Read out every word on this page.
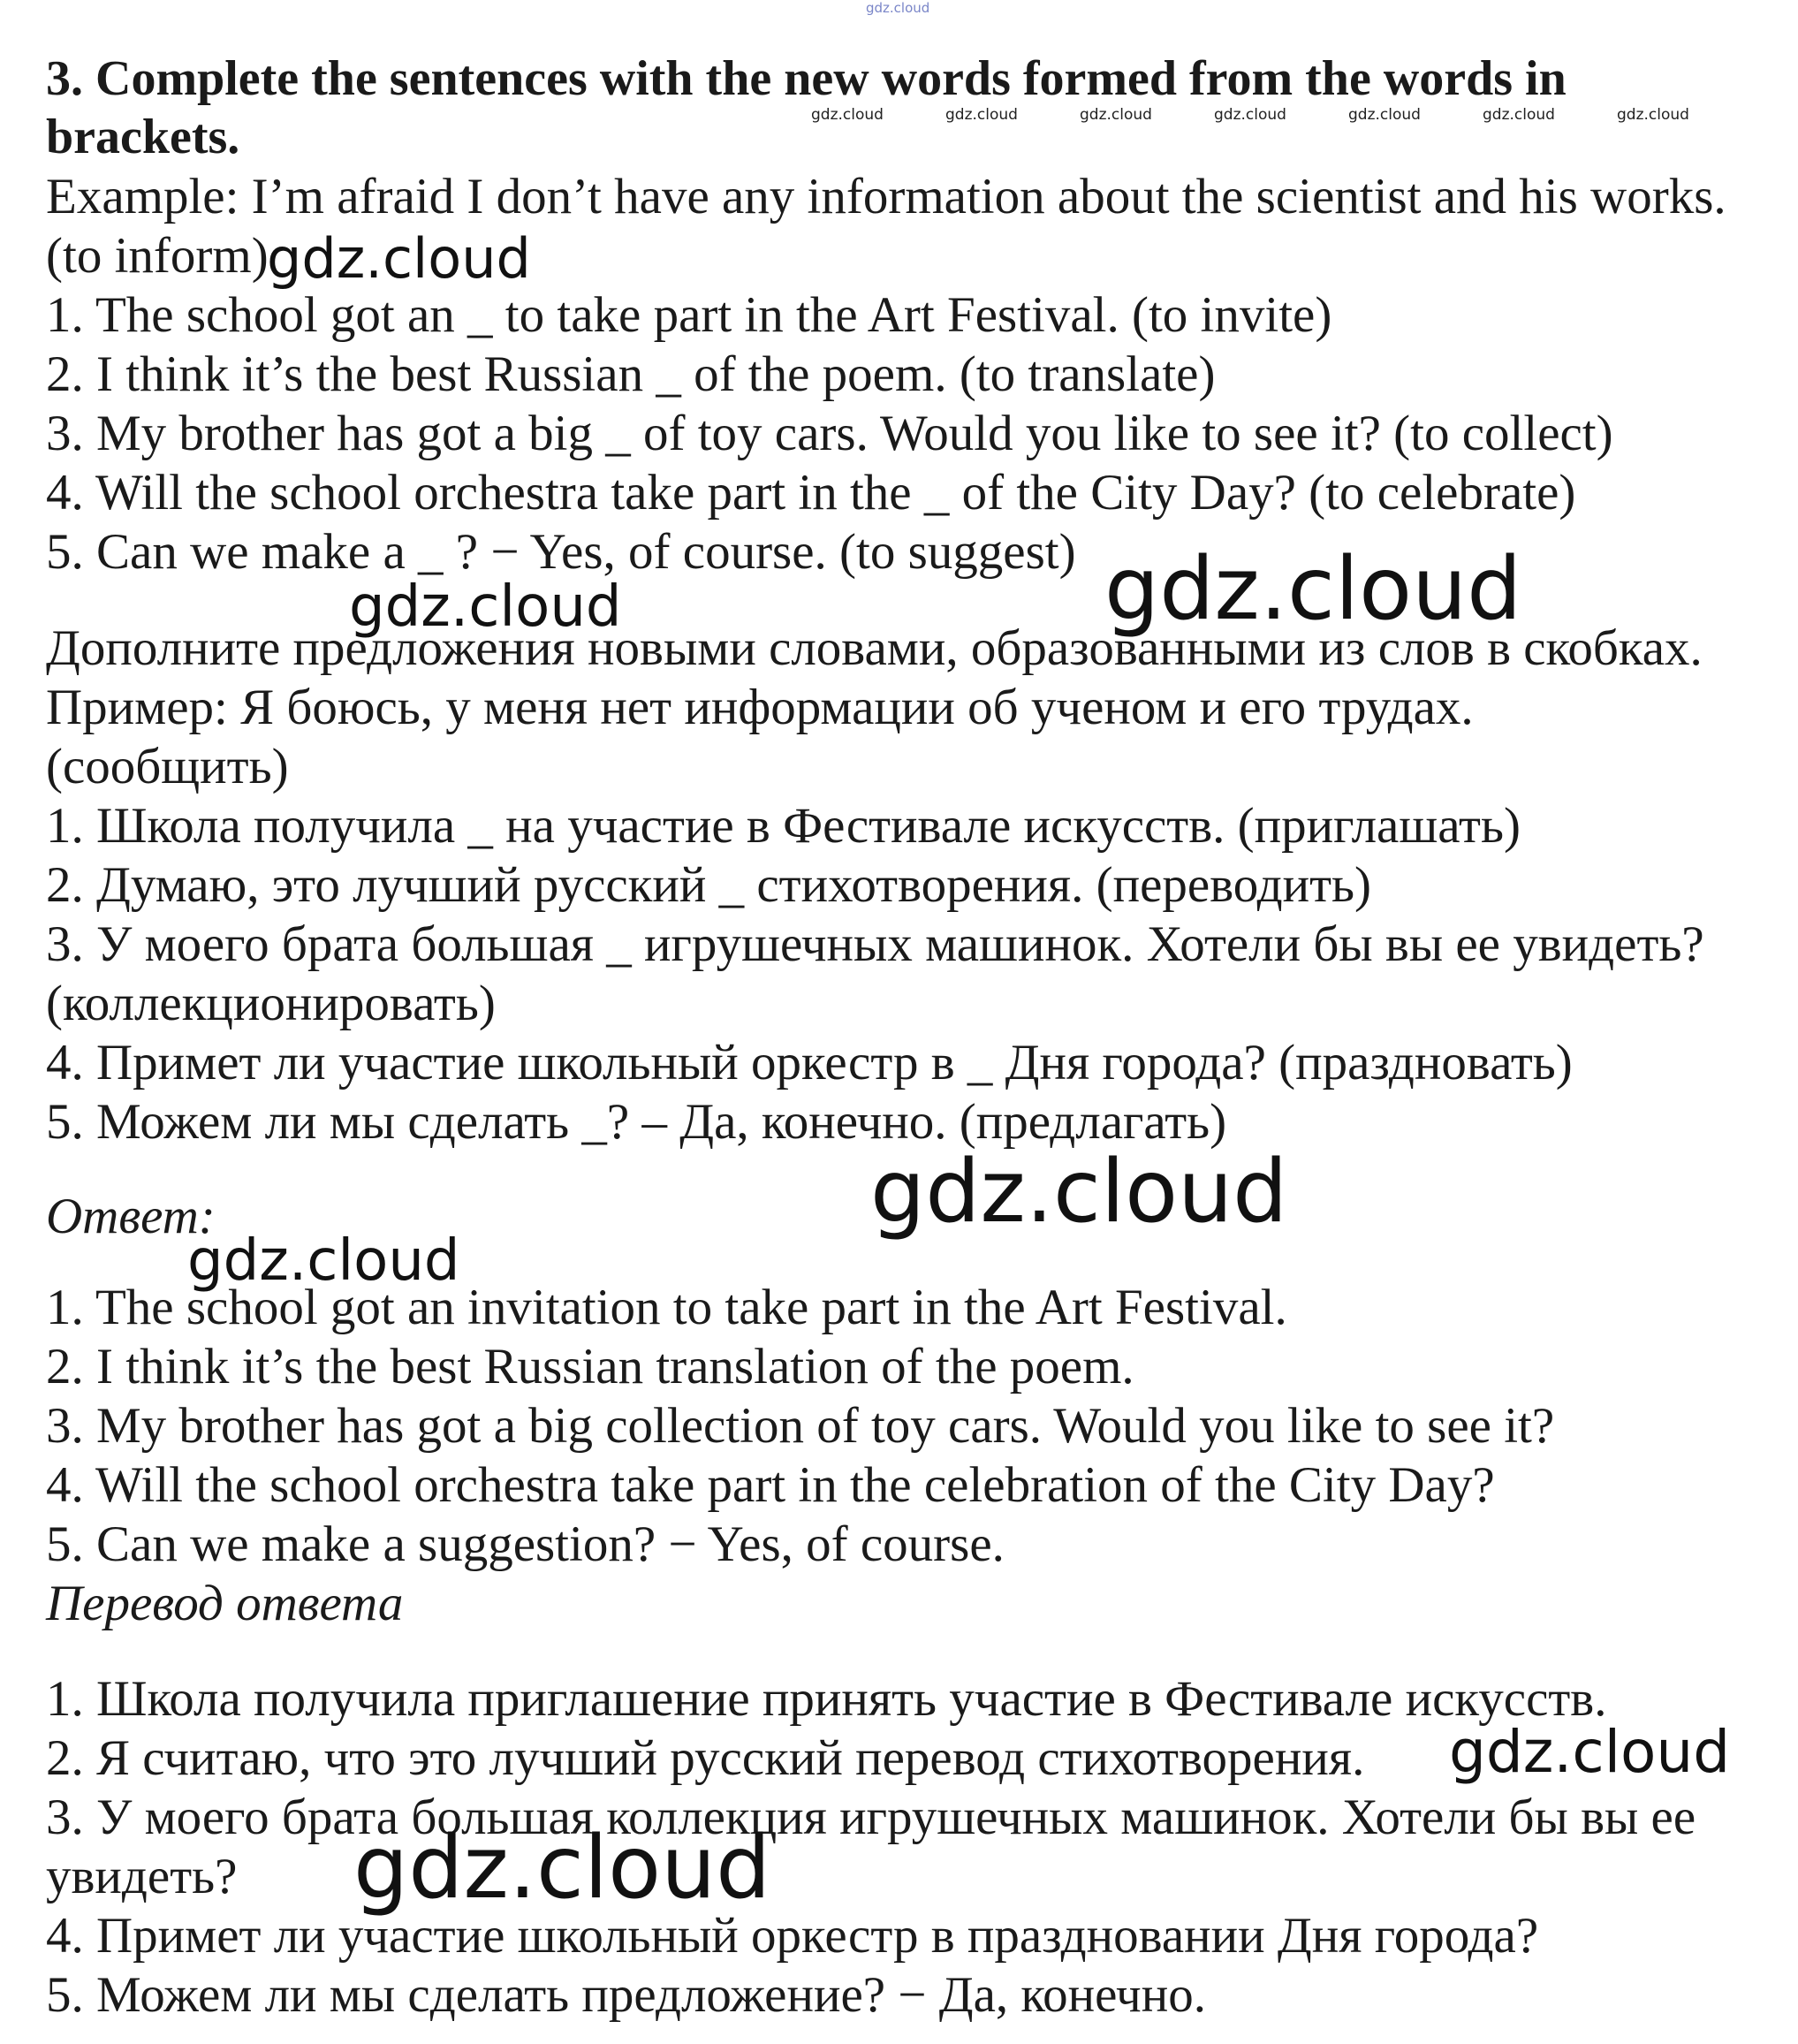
gdz.cloud
3. Complete the sentences with the new words formed from the words in
brackets.	gdz.cloud	gdz.cloud	gdz.cloud	gdz.cloud	gdz.cloud	gdz.cloud	gdz.cloud
Example: I’m afraid I don’t have any information about the scientist and his works.
(to inform)
gdz.cloud
1. The school got an _ to take part in the Art Festival. (to invite)
2. I think it’s the best Russian _ of the poem. (to translate)
3. My brother has got a big _ of toy cars. Would you like to see it? (to collect)
4. Will the school orchestra take part in the _ of the City Day? (to celebrate)
5. Can we make a _ ? − Yes, of course. (to suggest)
gdz.cloud	gdz.cloud
Дополните предложения новыми словами, образованными из слов в скобках.
Пример: Я боюсь, у меня нет информации об ученом и его трудах.
(сообщить)
1. Школа получила _ на участие в Фестивале искусств. (приглашать)
2. Думаю, это лучший русский _ стихотворения. (переводить)
3. У моего брата большая _ игрушечных машинок. Хотели бы вы ее увидеть?
(коллекционировать)
4. Примет ли участие школьный оркестр в _ Дня города? (праздновать)
5. Можем ли мы сделать _? – Да, конечно. (предлагать)
gdz.cloud
Ответ:
gdz.cloud
1. The school got an invitation to take part in the Art Festival.
2. I think it’s the best Russian translation of the poem.
3. My brother has got a big collection of toy cars. Would you like to see it?
4. Will the school orchestra take part in the celebration of the City Day?
5. Can we make a suggestion? − Yes, of course.
Перевод ответа
1. Школа получила приглашение принять участие в Фестивале искусств.
2. Я считаю, что это лучший русский перевод стихотворения. gdz.cloud
3. У моего брата большая коллекция игрушечных машинок. Хотели бы вы ее
увидеть? gdz.cloud
4. Примет ли участие школьный оркестр в праздновании Дня города?
5. Можем ли мы сделать предложение? − Да, конечно.
